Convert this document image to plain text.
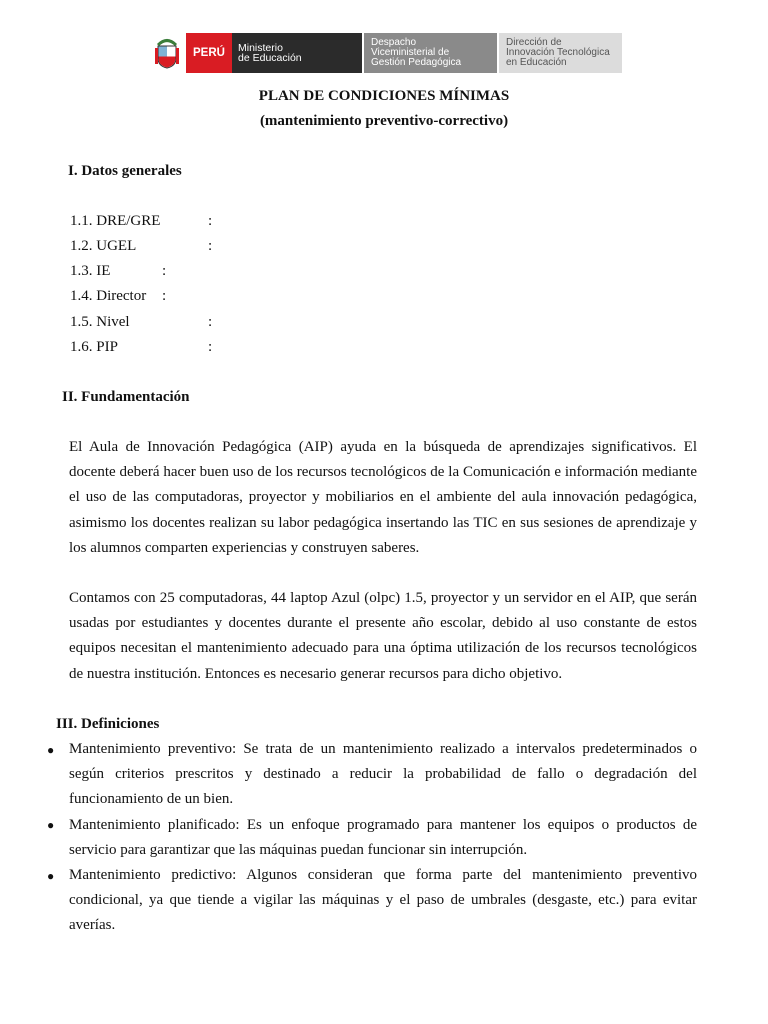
PERÚ	Ministerio
de Educación
Despacho
Viceministerial de
Gestión Pedagógica
Dirección de
Innovación Tecnológica
en Educación
PLAN DE CONDICIONES MÍNIMAS
(mantenimiento preventivo-correctivo)
I. Datos generales
1.1. DRE/GRE	:
1.2. UGEL	:
1.3. IE	:
1.4. Director :
1.5. Nivel	:
1.6. PIP	:
II. Fundamentación

El Aula de Innovación Pedagógica (AIP) ayuda en la búsqueda de aprendizajes significativos. El docente deberá hacer buen uso de los recursos tecnológicos de la Comunicación e información mediante el uso de las computadoras, proyector y mobiliarios en el ambiente del aula innovación pedagógica, asimismo los docentes realizan su labor pedagógica insertando las TIC en sus sesiones de aprendizaje y los alumnos comparten experiencias y construyen saberes.

Contamos con 25 computadoras, 44 laptop Azul (olpc) 1.5, proyector y un servidor en el AIP, que serán usadas por estudiantes y docentes durante el presente año escolar, debido al uso constante de estos equipos necesitan el mantenimiento adecuado para una óptima utilización de los recursos tecnológicos de nuestra institución. Entonces es necesario generar recursos para dicho objetivo.

III. Definiciones
● Mantenimiento preventivo: Se trata de un mantenimiento realizado a intervalos predeterminados o según criterios prescritos y destinado a reducir la probabilidad de fallo o degradación del funcionamiento de un bien.

● Mantenimiento planificado: Es un enfoque programado para mantener los equipos o productos de servicio para garantizar que las máquinas puedan funcionar sin interrupción.

● Mantenimiento predictivo: Algunos consideran que forma parte del mantenimiento preventivo condicional, ya que tiende a vigilar las máquinas y el paso de umbrales (desgaste, etc.) para evitar averías.
